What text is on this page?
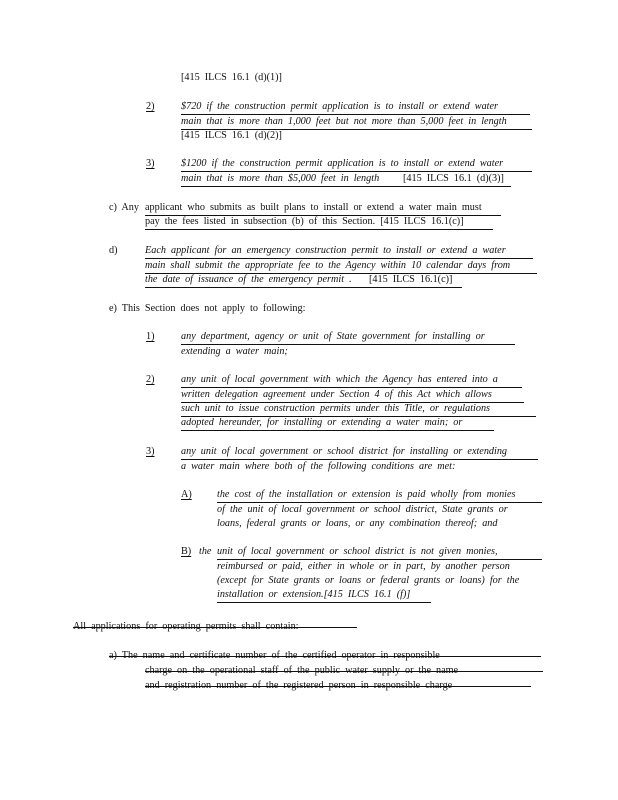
[415 ILCS 16.1 (d)(1)]
2)	$720 if the construction permit application is to install or extend water
main that is more than 1,000 feet but not more than 5,000 feet in length
[415 ILCS 16.1 (d)(2)]
3)	$1200 if the construction permit application is to install or extend water
main that is more than $5,000 feet in length [415 ILCS 16.1 (d)(3)]
c) Any applicant who submits as built plans to install or extend a water main must
pay the fees listed in subsection (b) of this Section. [415 ILCS 16.1(c)]
d)	Each applicant for an emergency construction permit to install or extend a water
main shall submit the appropriate fee to the Agency within 10 calendar days from
the date of issuance of the emergency permit . [415 ILCS 16.1(c)]
e) This Section does not apply to following:
1)	any department, agency or unit of State government for installing or
extending a water main;
2)	any unit of local government with which the Agency has entered into a
written delegation agreement under Section 4 of this Act which allows
such unit to issue construction permits under this Title, or regulations
adopted hereunder, for installing or extending a water main; or
3)	any unit of local government or school district for installing or extending
a water main where both of the following conditions are met:
A) the cost of the installation or extension is paid wholly from monies
of the unit of local government or school district, State grants or
loans, federal grants or loans, or any combination thereof; and
B) the unit of local government or school district is not given monies,
reimbursed or paid, either in whole or in part, by another person
(except for State grants or loans or federal grants or loans) for the
installation or extension.[415 ILCS 16.1 (f)]
All applications for operating permits shall contain:
a) The name and certificate number of the certified operator in responsible
charge on the operational staff of the public water supply or the name
and registration number of the registered person in responsible charge
